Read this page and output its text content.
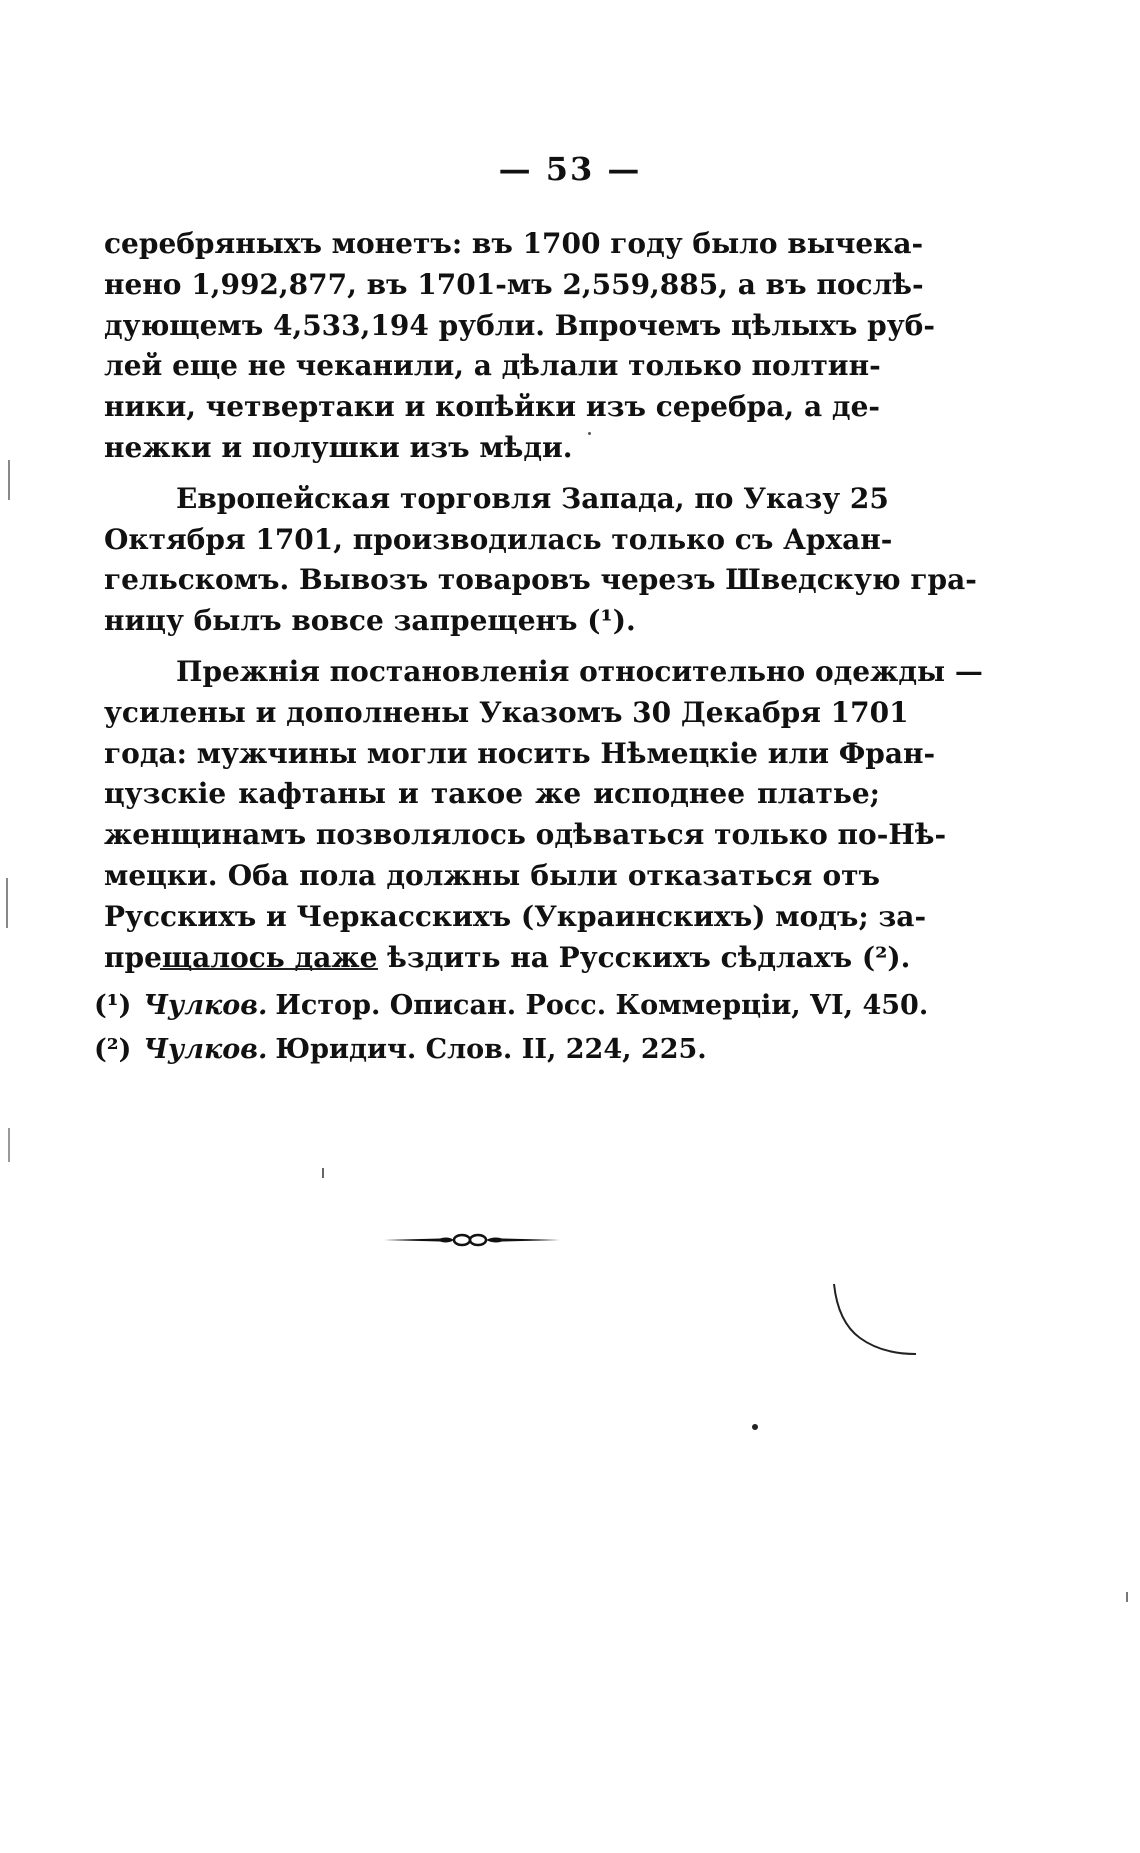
— 53 —
серебряныхъ монетъ: въ 1700 году было вычека-
нено 1,992,877, въ 1701-мъ 2,559,885, а въ послѣ-
дующемъ 4,533,194 рубли. Впрочемъ цѣлыхъ руб-
лей еще не чеканили, а дѣлали только полтин-
ники, четвертаки и копѣйки изъ серебра, а де-
нежки и полушки изъ мѣди.
Европейская торговля Запада, по Указу 25
Октября 1701, производилась только съ Архан-
гельскомъ. Вывозъ товаровъ черезъ Шведскую гра-
ницу былъ вовсе запрещенъ (¹).
Прежнія постановленія относительно одежды —
усилены и дополнены Указомъ 30 Декабря 1701
года: мужчины могли носить Нѣмецкіе или Фран-
цузскіе кафтаны и такое же исподнее платье;
женщинамъ позволялось одѣваться только по-Нѣ-
мецки. Оба пола должны были отказаться отъ
Русскихъ и Черкасскихъ (Украинскихъ) модъ; за-
прещалось даже ѣздить на Русскихъ сѣдлахъ (²).
(¹) Чулков. Истор. Описан. Росс. Коммерціи, VI, 450.
(²) Чулков. Юридич. Слов. II, 224, 225.
